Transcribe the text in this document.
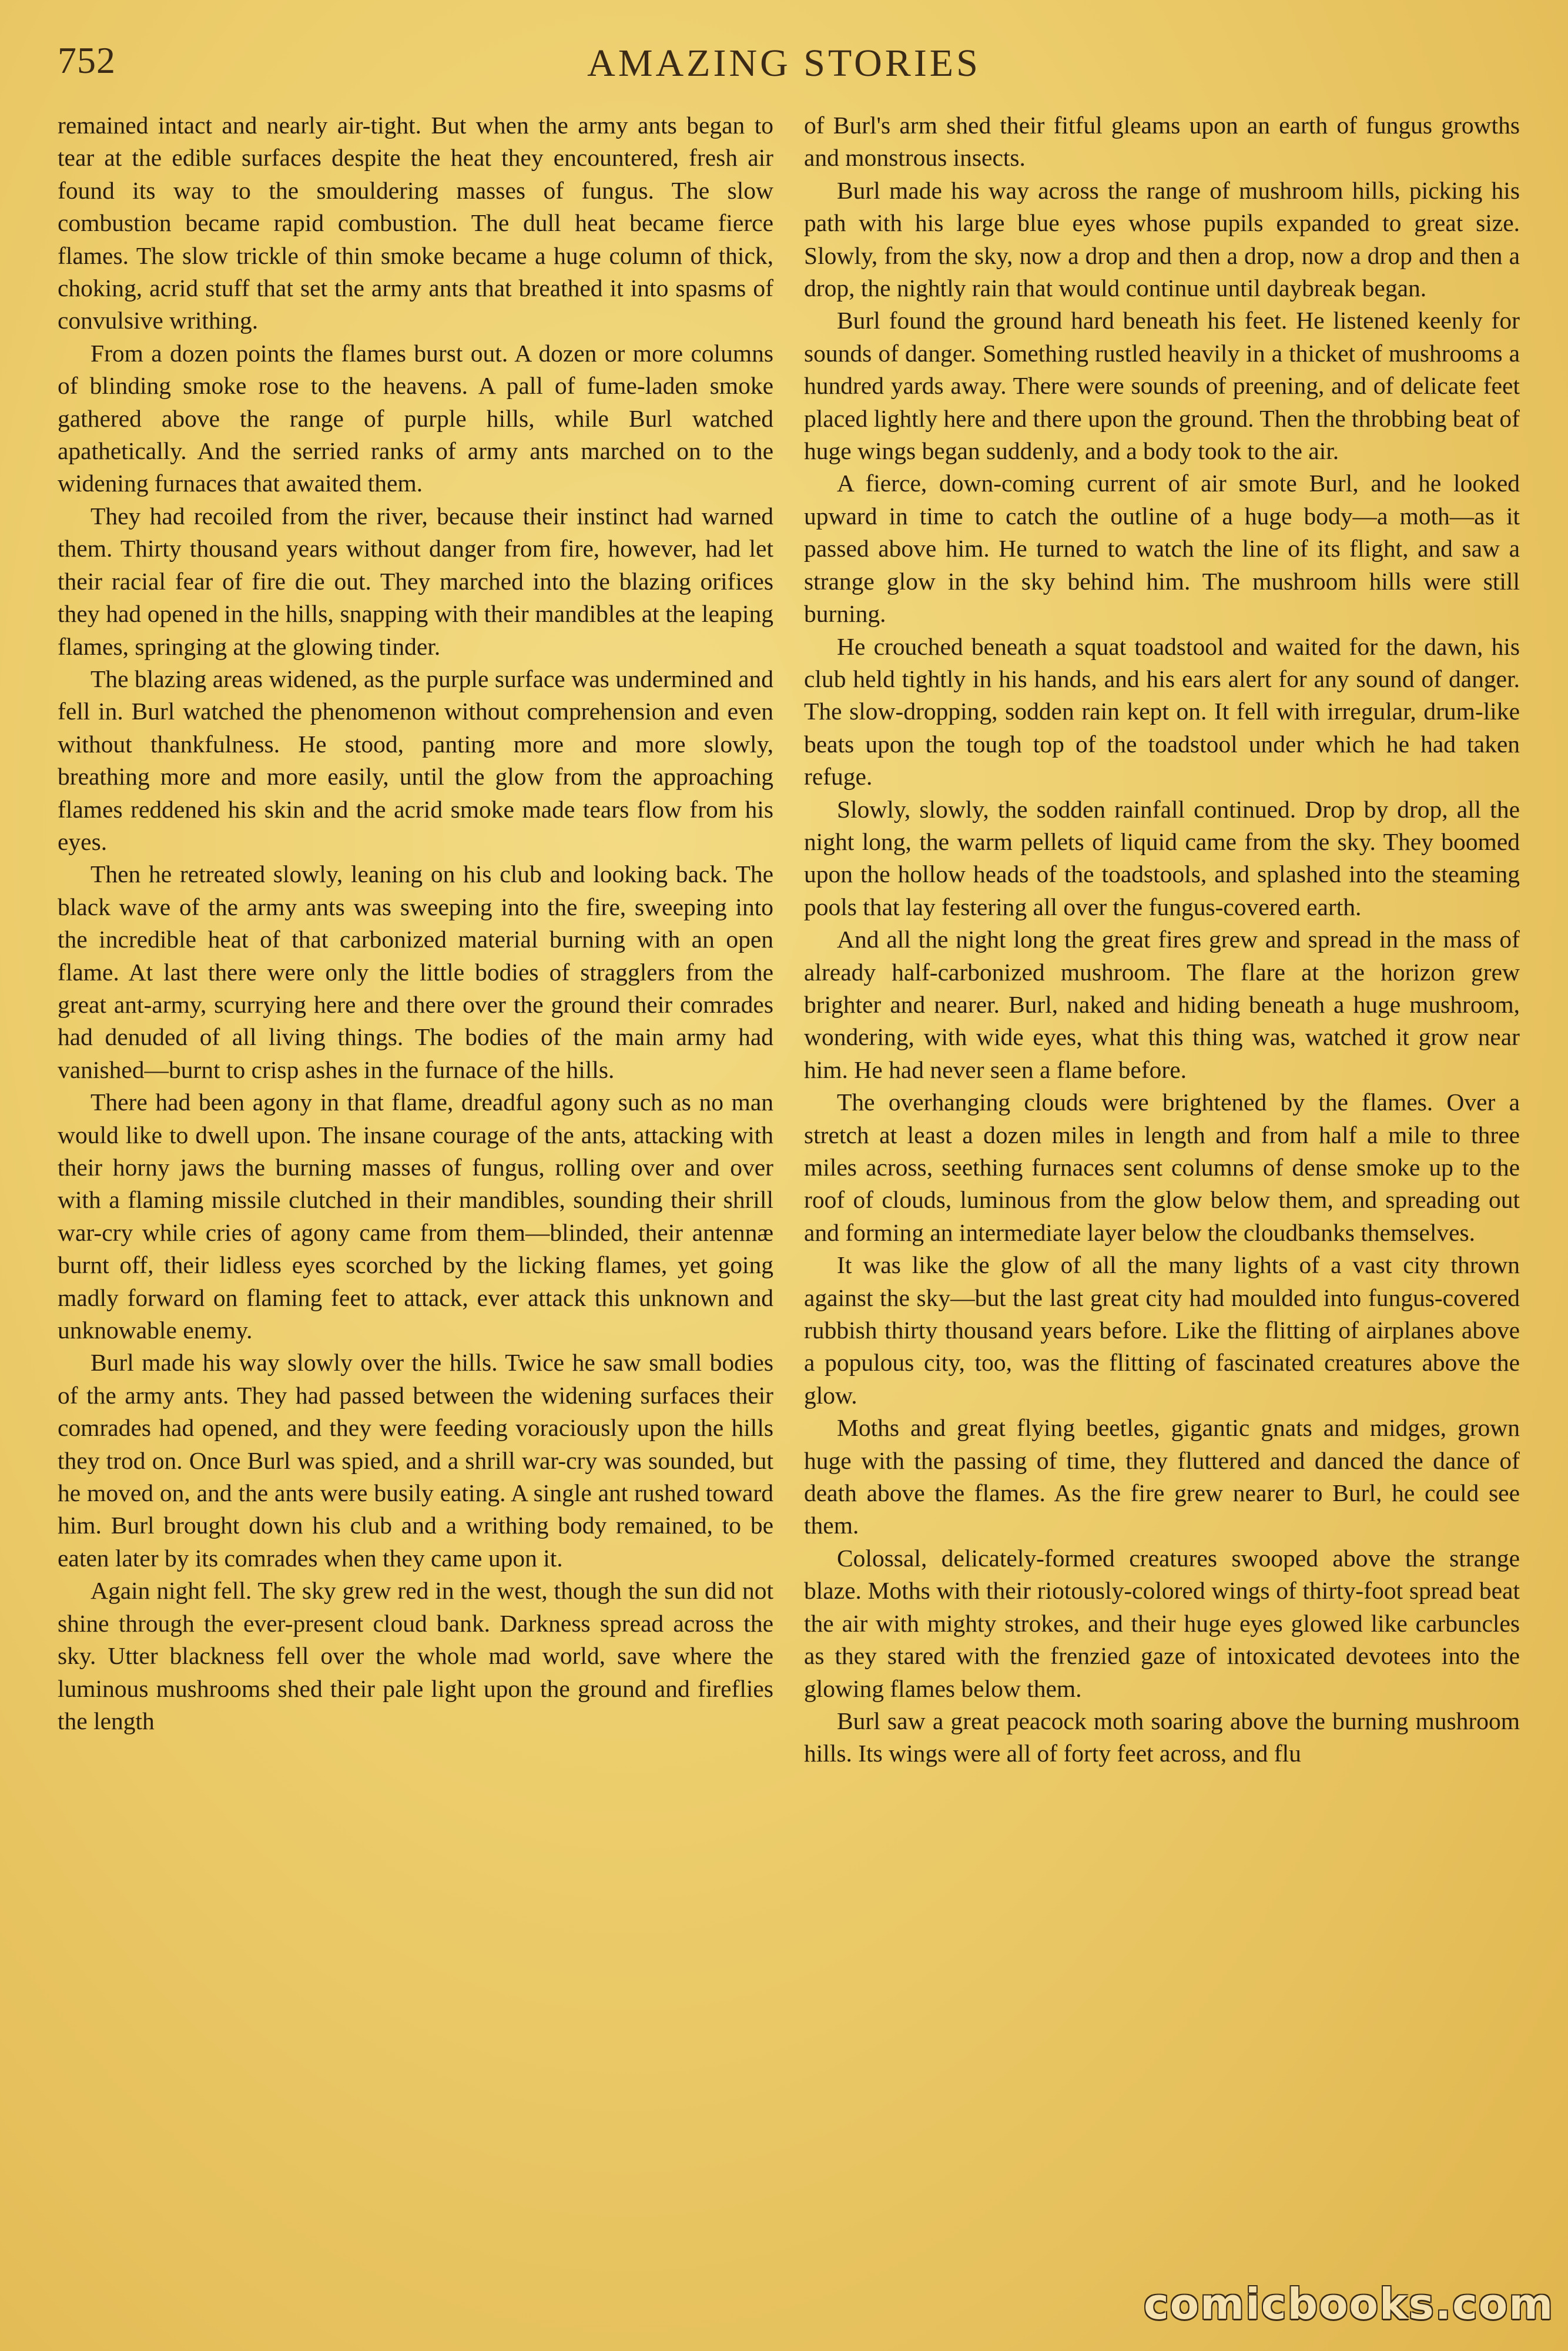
752	AMAZING STORIES

remained intact and nearly air-tight. But when the army ants began to tear at the edible surfaces despite the heat they encountered, fresh air found its way to the smouldering masses of fungus. The slow combustion became rapid combustion. The dull heat became fierce flames. The slow trickle of thin smoke became a huge column of thick, choking, acrid stuff that set the army ants that breathed it into spasms of convulsive writhing.

From a dozen points the flames burst out. A dozen or more columns of blinding smoke rose to the heavens. A pall of fume-laden smoke gathered above the range of purple hills, while Burl watched apathetically. And the serried ranks of army ants marched on to the widening furnaces that awaited them.

They had recoiled from the river, because their instinct had warned them. Thirty thousand years without danger from fire, however, had let their racial fear of fire die out. They marched into the blazing orifices they had opened in the hills, snapping with their mandibles at the leaping flames, springing at the glowing tinder.

The blazing areas widened, as the purple surface was undermined and fell in. Burl watched the phenomenon without comprehension and even without thankfulness. He stood, panting more and more slowly, breathing more and more easily, until the glow from the approaching flames reddened his skin and the acrid smoke made tears flow from his eyes.

Then he retreated slowly, leaning on his club and looking back. The black wave of the army ants was sweeping into the fire, sweeping into the incredible heat of that carbonized material burning with an open flame. At last there were only the little bodies of stragglers from the great ant-army, scurrying here and there over the ground their comrades had denuded of all living things. The bodies of the main army had vanished—burnt to crisp ashes in the furnace of the hills.

There had been agony in that flame, dreadful agony such as no man would like to dwell upon. The insane courage of the ants, attacking with their horny jaws the burning masses of fungus, rolling over and over with a flaming missile clutched in their mandibles, sounding their shrill war-cry while cries of agony came from them—blinded, their antennæ burnt off, their lidless eyes scorched by the licking flames, yet going madly forward on flaming feet to attack, ever attack this unknown and unknowable enemy.

Burl made his way slowly over the hills. Twice he saw small bodies of the army ants. They had passed between the widening surfaces their comrades had opened, and they were feeding voraciously upon the hills they trod on. Once Burl was spied, and a shrill war-cry was sounded, but he moved on, and the ants were busily eating. A single ant rushed toward him. Burl brought down his club and a writhing body remained, to be eaten later by its comrades when they came upon it.

Again night fell. The sky grew red in the west, though the sun did not shine through the ever-present cloud bank. Darkness spread across the sky. Utter blackness fell over the whole mad world, save where the luminous mushrooms shed their pale light upon the ground and fireflies the length

of Burl's arm shed their fitful gleams upon an earth of fungus growths and monstrous insects.

Burl made his way across the range of mushroom hills, picking his path with his large blue eyes whose pupils expanded to great size. Slowly, from the sky, now a drop and then a drop, now a drop and then a drop, the nightly rain that would continue until daybreak began.

Burl found the ground hard beneath his feet. He listened keenly for sounds of danger. Something rustled heavily in a thicket of mushrooms a hundred yards away. There were sounds of preening, and of delicate feet placed lightly here and there upon the ground. Then the throbbing beat of huge wings began suddenly, and a body took to the air.

A fierce, down-coming current of air smote Burl, and he looked upward in time to catch the outline of a huge body—a moth—as it passed above him. He turned to watch the line of its flight, and saw a strange glow in the sky behind him. The mushroom hills were still burning.

He crouched beneath a squat toadstool and waited for the dawn, his club held tightly in his hands, and his ears alert for any sound of danger. The slow-dropping, sodden rain kept on. It fell with irregular, drum-like beats upon the tough top of the toadstool under which he had taken refuge.

Slowly, slowly, the sodden rainfall continued. Drop by drop, all the night long, the warm pellets of liquid came from the sky. They boomed upon the hollow heads of the toadstools, and splashed into the steaming pools that lay festering all over the fungus-covered earth.

And all the night long the great fires grew and spread in the mass of already half-carbonized mushroom. The flare at the horizon grew brighter and nearer. Burl, naked and hiding beneath a huge mushroom, wondering, with wide eyes, what this thing was, watched it grow near him. He had never seen a flame before.

The overhanging clouds were brightened by the flames. Over a stretch at least a dozen miles in length and from half a mile to three miles across, seething furnaces sent columns of dense smoke up to the roof of clouds, luminous from the glow below them, and spreading out and forming an intermediate layer below the cloudbanks themselves.

It was like the glow of all the many lights of a vast city thrown against the sky—but the last great city had moulded into fungus-covered rubbish thirty thousand years before. Like the flitting of airplanes above a populous city, too, was the flitting of fascinated creatures above the glow.

Moths and great flying beetles, gigantic gnats and midges, grown huge with the passing of time, they fluttered and danced the dance of death above the flames. As the fire grew nearer to Burl, he could see them.

Colossal, delicately-formed creatures swooped above the strange blaze. Moths with their riotously-colored wings of thirty-foot spread beat the air with mighty strokes, and their huge eyes glowed like carbuncles as they stared with the frenzied gaze of intoxicated devotees into the glowing flames below them.

Burl saw a great peacock moth soaring above the burning mushroom hills. Its wings were all of forty feet across, and flu

comicbooks.com
